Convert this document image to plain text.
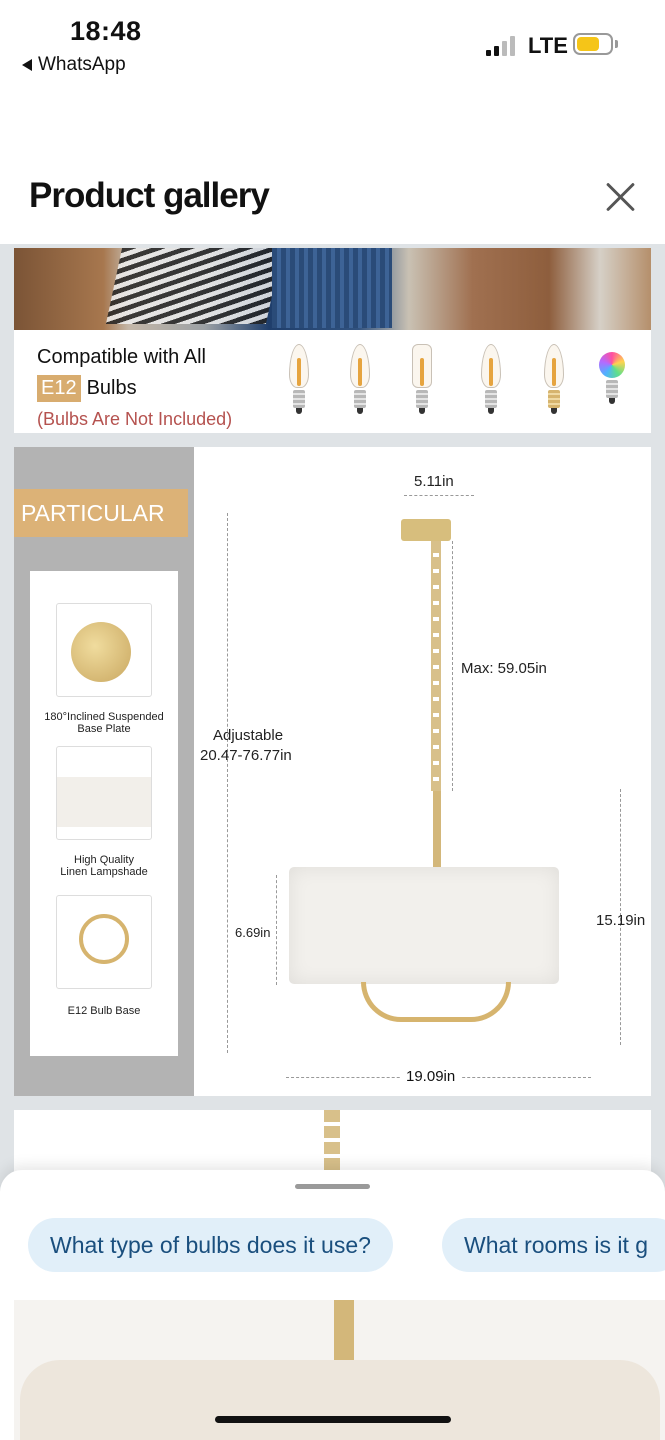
18:48
WhatsApp
LTE
Product gallery
Compatible with All
E12 Bulbs
(Bulbs Are Not Included)
PARTICULAR
180°Inclined Suspended
Base Plate
High Quality
Linen Lampshade
E12 Bulb Base
5.11in
Adjustable
20.47-76.77in
Max: 59.05in
6.69in
15.19in
19.09in
What type of bulbs does it use?	What rooms is it g
